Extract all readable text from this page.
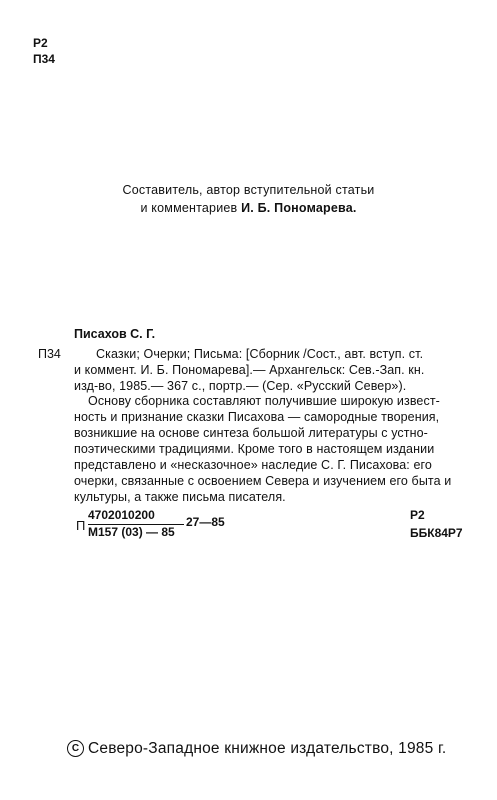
Р2
П34
Составитель, автор вступительной статьи
и комментариев И. Б. Пономарева.
Писахов С. Г.
П34	Сказки; Очерки; Письма: [Сборник /Сост., авт. вступ. ст.
и коммент. И. Б. Пономарева].— Архангельск: Сев.-Зап. кн.
изд-во, 1985.— 367 с., портр.— (Сер. «Русский Север»).
Основу сборника составляют получившие широкую извест-
ность и признание сказки Писахова — самородные творения,
возникшие на основе синтеза большой литературы с устно-
поэтическими традициями. Кроме того в настоящем издании
представлено и «несказочное» наследие С. Г. Писахова: его
очерки, связанные с освоением Севера и изучением его быта и
культуры, а также письма писателя.
П
4702010200
М157 (03) — 85
27—85	Р2
ББК84Р7
C Северо-Западное книжное издательство, 1985 г.
